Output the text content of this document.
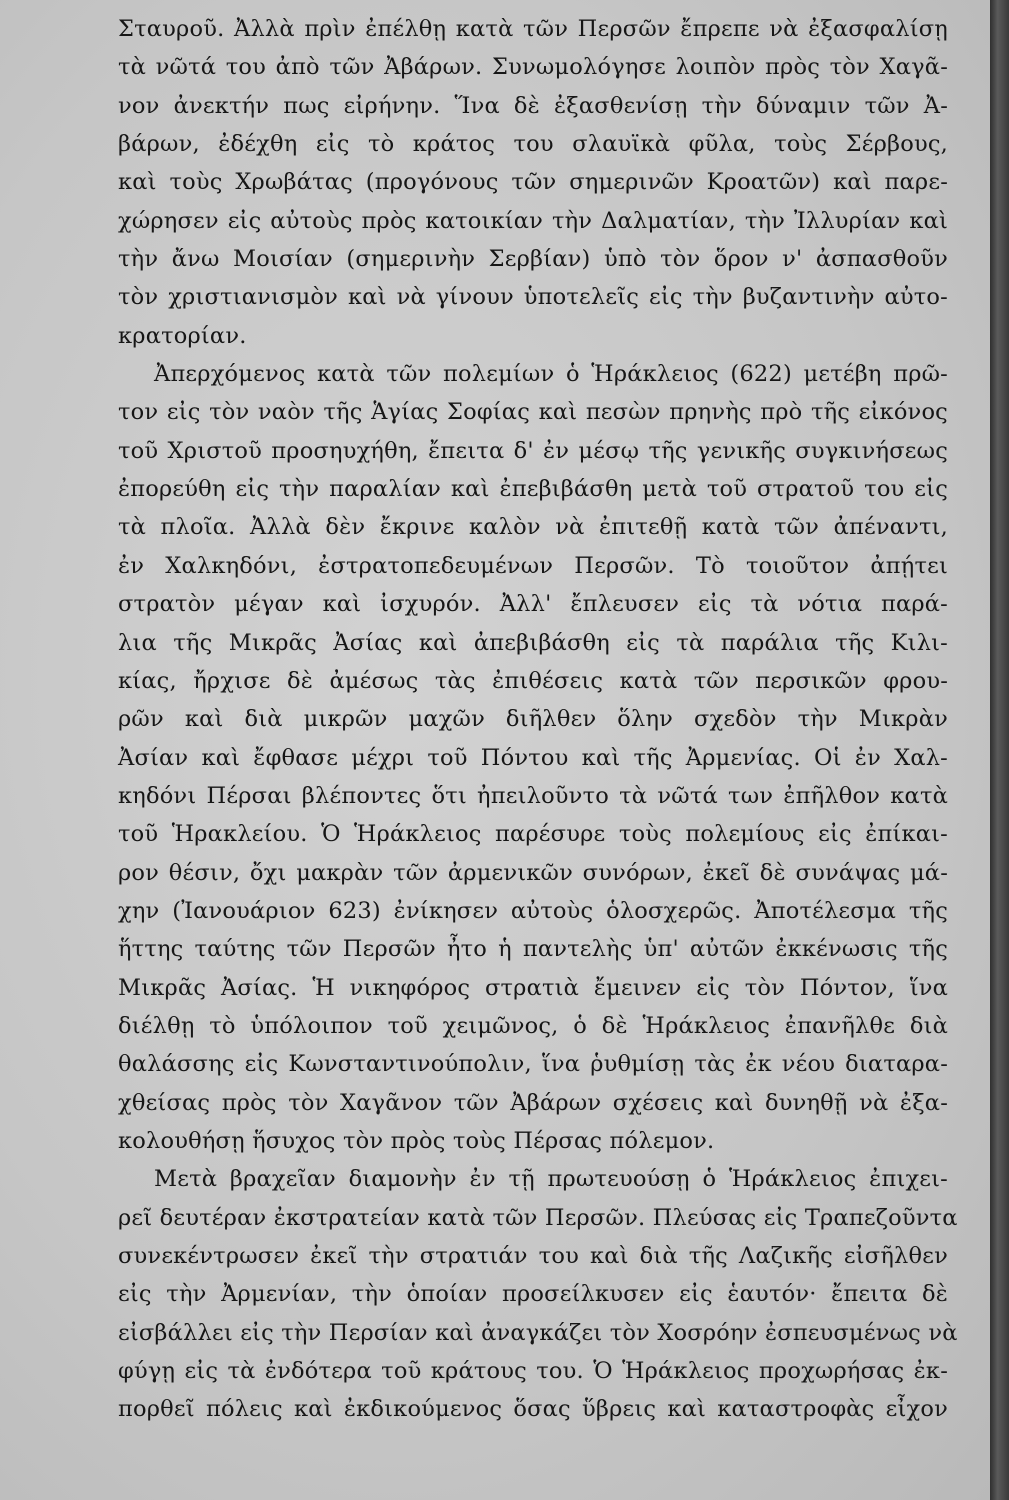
Σταυροῦ. Ἀλλὰ πρὶν ἐπέλθῃ κατὰ τῶν Περσῶν ἔπρεπε νὰ ἐξασφαλίσῃ
τὰ νῶτά του ἀπὸ τῶν Ἀβάρων. Συνωμολόγησε λοιπὸν πρὸς τὸν Χαγᾶ-
νον ἀνεκτήν πως εἰρήνην. Ἵνα δὲ ἐξασθενίσῃ τὴν δύναμιν τῶν Ἀ-
βάρων, ἐδέχθη εἰς τὸ κράτος του σλαυϊκὰ φῦλα, τοὺς Σέρβους,
καὶ τοὺς Χρωβάτας (προγόνους τῶν σημερινῶν Κροατῶν) καὶ παρε-
χώρησεν εἰς αὐτοὺς πρὸς κατοικίαν τὴν Δαλματίαν, τὴν Ἰλλυρίαν καὶ
τὴν ἄνω Μοισίαν (σημερινὴν Σερβίαν) ὑπὸ τὸν ὅρον ν' ἀσπασθοῦν
τὸν χριστιανισμὸν καὶ νὰ γίνουν ὑποτελεῖς εἰς τὴν βυζαντινὴν αὐτο-
κρατορίαν.
Ἀπερχόμενος κατὰ τῶν πολεμίων ὁ Ἡράκλειος (622) μετέβη πρῶ-
τον εἰς τὸν ναὸν τῆς Ἁγίας Σοφίας καὶ πεσὼν πρηνὴς πρὸ τῆς εἰκόνος
τοῦ Χριστοῦ προσηυχήθη, ἔπειτα δ' ἐν μέσῳ τῆς γενικῆς συγκινήσεως
ἐπορεύθη εἰς τὴν παραλίαν καὶ ἐπεβιβάσθη μετὰ τοῦ στρατοῦ του εἰς
τὰ πλοῖα. Ἀλλὰ δὲν ἔκρινε καλὸν νὰ ἐπιτεθῇ κατὰ τῶν ἀπέναντι,
ἐν Χαλκηδόνι, ἐστρατοπεδευμένων Περσῶν. Τὸ τοιοῦτον ἀπῄτει
στρατὸν μέγαν καὶ ἰσχυρόν. Ἀλλ' ἔπλευσεν εἰς τὰ νότια παρά-
λια τῆς Μικρᾶς Ἀσίας καὶ ἀπεβιβάσθη εἰς τὰ παράλια τῆς Κιλι-
κίας, ἤρχισε δὲ ἀμέσως τὰς ἐπιθέσεις κατὰ τῶν περσικῶν φρου-
ρῶν καὶ διὰ μικρῶν μαχῶν διῆλθεν ὅλην σχεδὸν τὴν Μικρὰν
Ἀσίαν καὶ ἔφθασε μέχρι τοῦ Πόντου καὶ τῆς Ἀρμενίας. Οἱ ἐν Χαλ-
κηδόνι Πέρσαι βλέποντες ὅτι ἠπειλοῦντο τὰ νῶτά των ἐπῆλθον κατὰ
τοῦ Ἡρακλείου. Ὁ Ἡράκλειος παρέσυρε τοὺς πολεμίους εἰς ἐπίκαι-
ρον θέσιν, ὄχι μακρὰν τῶν ἀρμενικῶν συνόρων, ἐκεῖ δὲ συνάψας μά-
χην (Ἰανουάριον 623) ἐνίκησεν αὐτοὺς ὁλοσχερῶς. Ἀποτέλεσμα τῆς
ἥττης ταύτης τῶν Περσῶν ἦτο ἡ παντελὴς ὑπ' αὐτῶν ἐκκένωσις τῆς
Μικρᾶς Ἀσίας. Ἡ νικηφόρος στρατιὰ ἔμεινεν εἰς τὸν Πόντον, ἵνα
διέλθῃ τὸ ὑπόλοιπον τοῦ χειμῶνος, ὁ δὲ Ἡράκλειος ἐπανῆλθε διὰ
θαλάσσης εἰς Κωνσταντινούπολιν, ἵνα ῥυθμίσῃ τὰς ἐκ νέου διαταρα-
χθείσας πρὸς τὸν Χαγᾶνον τῶν Ἀβάρων σχέσεις καὶ δυνηθῇ νὰ ἐξα-
κολουθήσῃ ἥσυχος τὸν πρὸς τοὺς Πέρσας πόλεμον.
Μετὰ βραχεῖαν διαμονὴν ἐν τῇ πρωτευούσῃ ὁ Ἡράκλειος ἐπιχει-
ρεῖ δευτέραν ἐκστρατείαν κατὰ τῶν Περσῶν. Πλεύσας εἰς Τραπεζοῦντα
συνεκέντρωσεν ἐκεῖ τὴν στρατιάν του καὶ διὰ τῆς Λαζικῆς εἰσῆλθεν
εἰς τὴν Ἀρμενίαν, τὴν ὁποίαν προσείλκυσεν εἰς ἑαυτόν· ἔπειτα δὲ
εἰσβάλλει εἰς τὴν Περσίαν καὶ ἀναγκάζει τὸν Χοσρόην ἐσπευσμένως νὰ
φύγῃ εἰς τὰ ἐνδότερα τοῦ κράτους του. Ὁ Ἡράκλειος προχωρήσας ἐκ-
πορθεῖ πόλεις καὶ ἐκδικούμενος ὅσας ὕβρεις καὶ καταστροφὰς εἶχον
